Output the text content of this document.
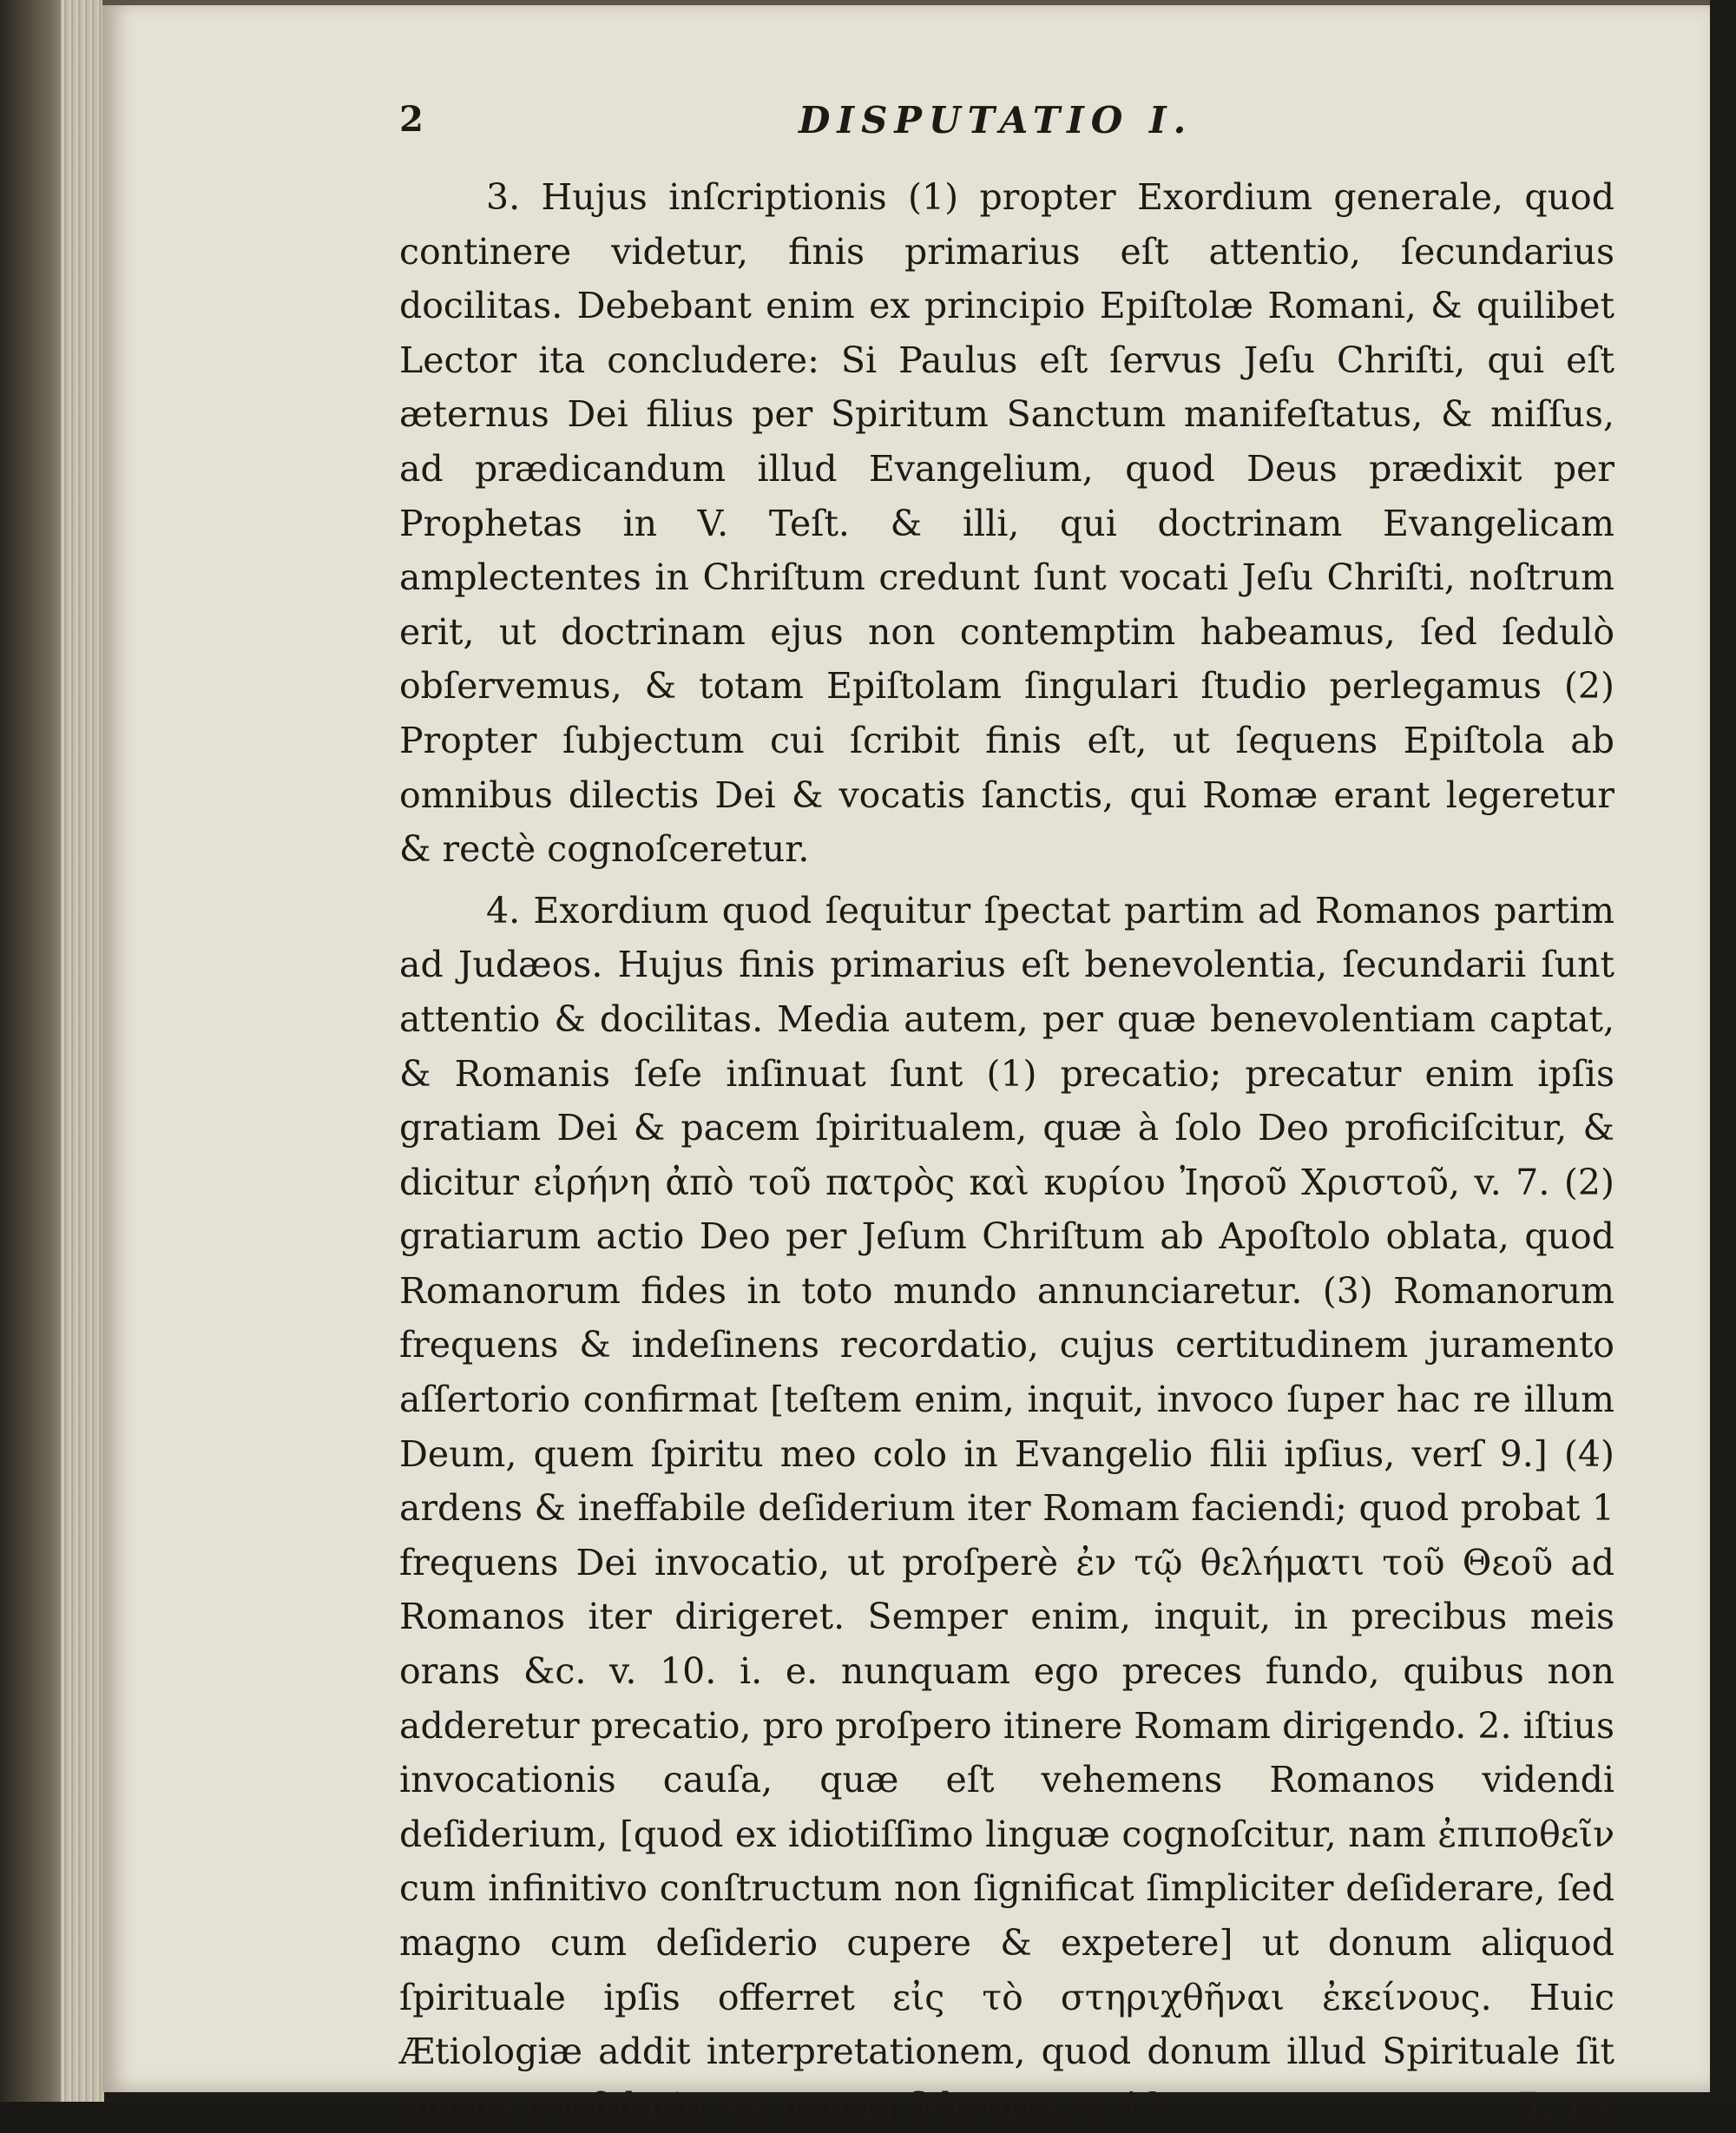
2	DISPUTATIO I.

3. Hujus inſcriptionis (1) propter Exordium generale, quod continere videtur, finis primarius eſt attentio, ſecundarius docilitas. Debebant enim ex principio Epiſtolæ Romani, & quilibet Lector ita concludere: Si Paulus eſt ſervus Jeſu Chriſti, qui eſt æternus Dei filius per Spiritum Sanctum manifeſtatus, & miſſus, ad prædicandum illud Evangelium, quod Deus prædixit per Prophetas in V. Teſt. & illi, qui doctrinam Evangelicam amplectentes in Chriſtum credunt ſunt vocati Jeſu Chriſti, noſtrum erit, ut doctrinam ejus non contemptim habeamus, ſed ſedulò obſervemus, & totam Epiſtolam ſingulari ſtudio perlegamus (2) Propter ſubjectum cui ſcribit finis eſt, ut ſequens Epiſtola ab omnibus dilectis Dei & vocatis ſanctis, qui Romæ erant legeretur & rectè cognoſceretur.

4. Exordium quod ſequitur ſpectat partim ad Romanos partim ad Judæos. Hujus finis primarius eſt benevolentia, ſecundarii ſunt attentio & docilitas. Media autem, per quæ benevolentiam captat, & Romanis ſeſe inſinuat ſunt (1) precatio; precatur enim ipſis gratiam Dei & pacem ſpiritualem, quæ à ſolo Deo proficiſcitur, & dicitur εἰρήνη ἀπὸ τοῦ πατρὸς καὶ κυρίου Ἰησοῦ Χριστοῦ, v. 7. (2) gratiarum actio Deo per Jeſum Chriſtum ab Apoſtolo oblata, quod Romanorum fides in toto mundo annunciaretur. (3) Romanorum frequens & indeſinens recordatio, cujus certitudinem juramento aſſertorio confirmat [teſtem enim, inquit, invoco ſuper hac re illum Deum, quem ſpiritu meo colo in Evangelio filii ipſius, verſ 9.] (4) ardens & ineffabile deſiderium iter Romam faciendi; quod probat 1 frequens Dei invocatio, ut proſperè ἐν τῷ θελήματι τοῦ Θεοῦ ad Romanos iter dirigeret. Semper enim, inquit, in precibus meis orans &c. v. 10. i. e. nunquam ego preces fundo, quibus non adderetur precatio, pro proſpero itinere Romam dirigendo. 2. iſtius invocationis cauſa, quæ eſt vehemens Romanos videndi deſiderium, [quod ex idiotiſſimo linguæ cognoſcitur, nam ἐπιποθεῖν cum infinitivo conſtructum non ſignificat ſimpliciter deſiderare, ſed magno cum deſiderio cupere & expetere] ut donum aliquod ſpirituale ipſis offerret εἰς τὸ στηριχθῆναι ἐκείνους. Huic Ætiologiæ addit interpretationem, quod donum illud Spirituale ſit mutua conſolatio, ex mutua fide orta, v. 12.	5. Ex
